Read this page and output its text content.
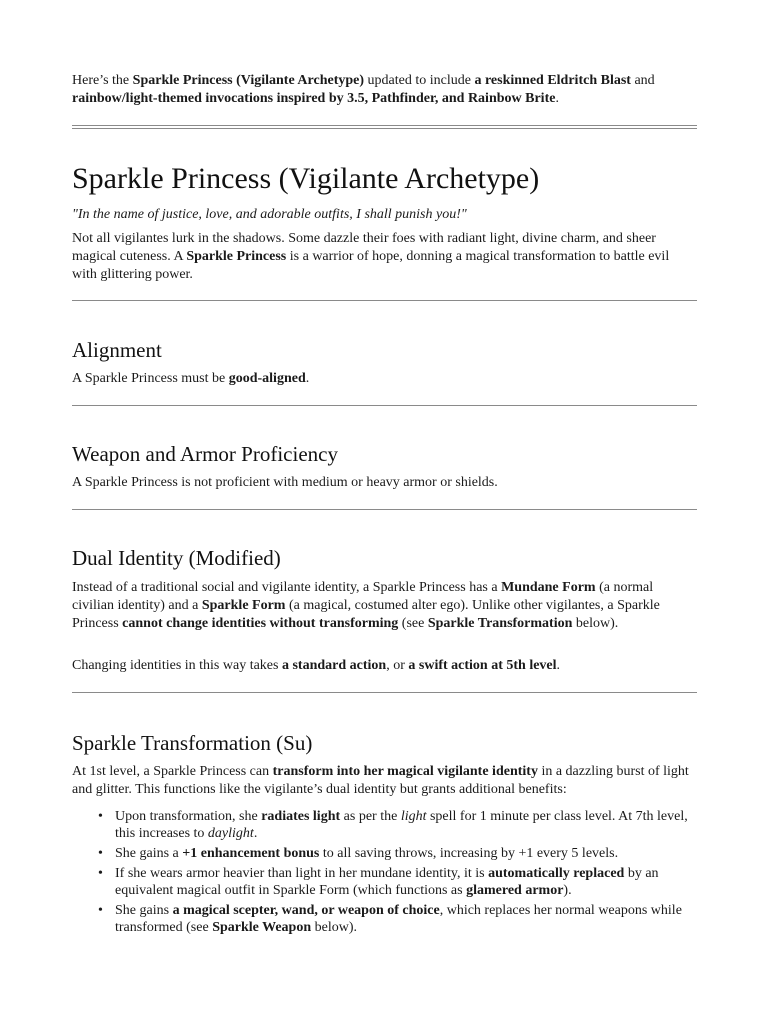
Here’s the Sparkle Princess (Vigilante Archetype) updated to include a reskinned Eldritch Blast and rainbow/light-themed invocations inspired by 3.5, Pathfinder, and Rainbow Brite.

Sparkle Princess (Vigilante Archetype)

"In the name of justice, love, and adorable outfits, I shall punish you!"

Not all vigilantes lurk in the shadows. Some dazzle their foes with radiant light, divine charm, and sheer magical cuteness. A Sparkle Princess is a warrior of hope, donning a magical transformation to battle evil with glittering power.

Alignment

A Sparkle Princess must be good-aligned.

Weapon and Armor Proficiency

A Sparkle Princess is not proficient with medium or heavy armor or shields.

Dual Identity (Modified)

Instead of a traditional social and vigilante identity, a Sparkle Princess has a Mundane Form (a normal civilian identity) and a Sparkle Form (a magical, costumed alter ego). Unlike other vigilantes, a Sparkle Princess cannot change identities without transforming (see Sparkle Transformation below).

Changing identities in this way takes a standard action, or a swift action at 5th level.

Sparkle Transformation (Su)

At 1st level, a Sparkle Princess can transform into her magical vigilante identity in a dazzling burst of light and glitter. This functions like the vigilante’s dual identity but grants additional benefits:

• Upon transformation, she radiates light as per the light spell for 1 minute per class level. At 7th level, this increases to daylight.
• She gains a +1 enhancement bonus to all saving throws, increasing by +1 every 5 levels.
• If she wears armor heavier than light in her mundane identity, it is automatically replaced by an equivalent magical outfit in Sparkle Form (which functions as glamered armor).
• She gains a magical scepter, wand, or weapon of choice, which replaces her normal weapons while transformed (see Sparkle Weapon below).
